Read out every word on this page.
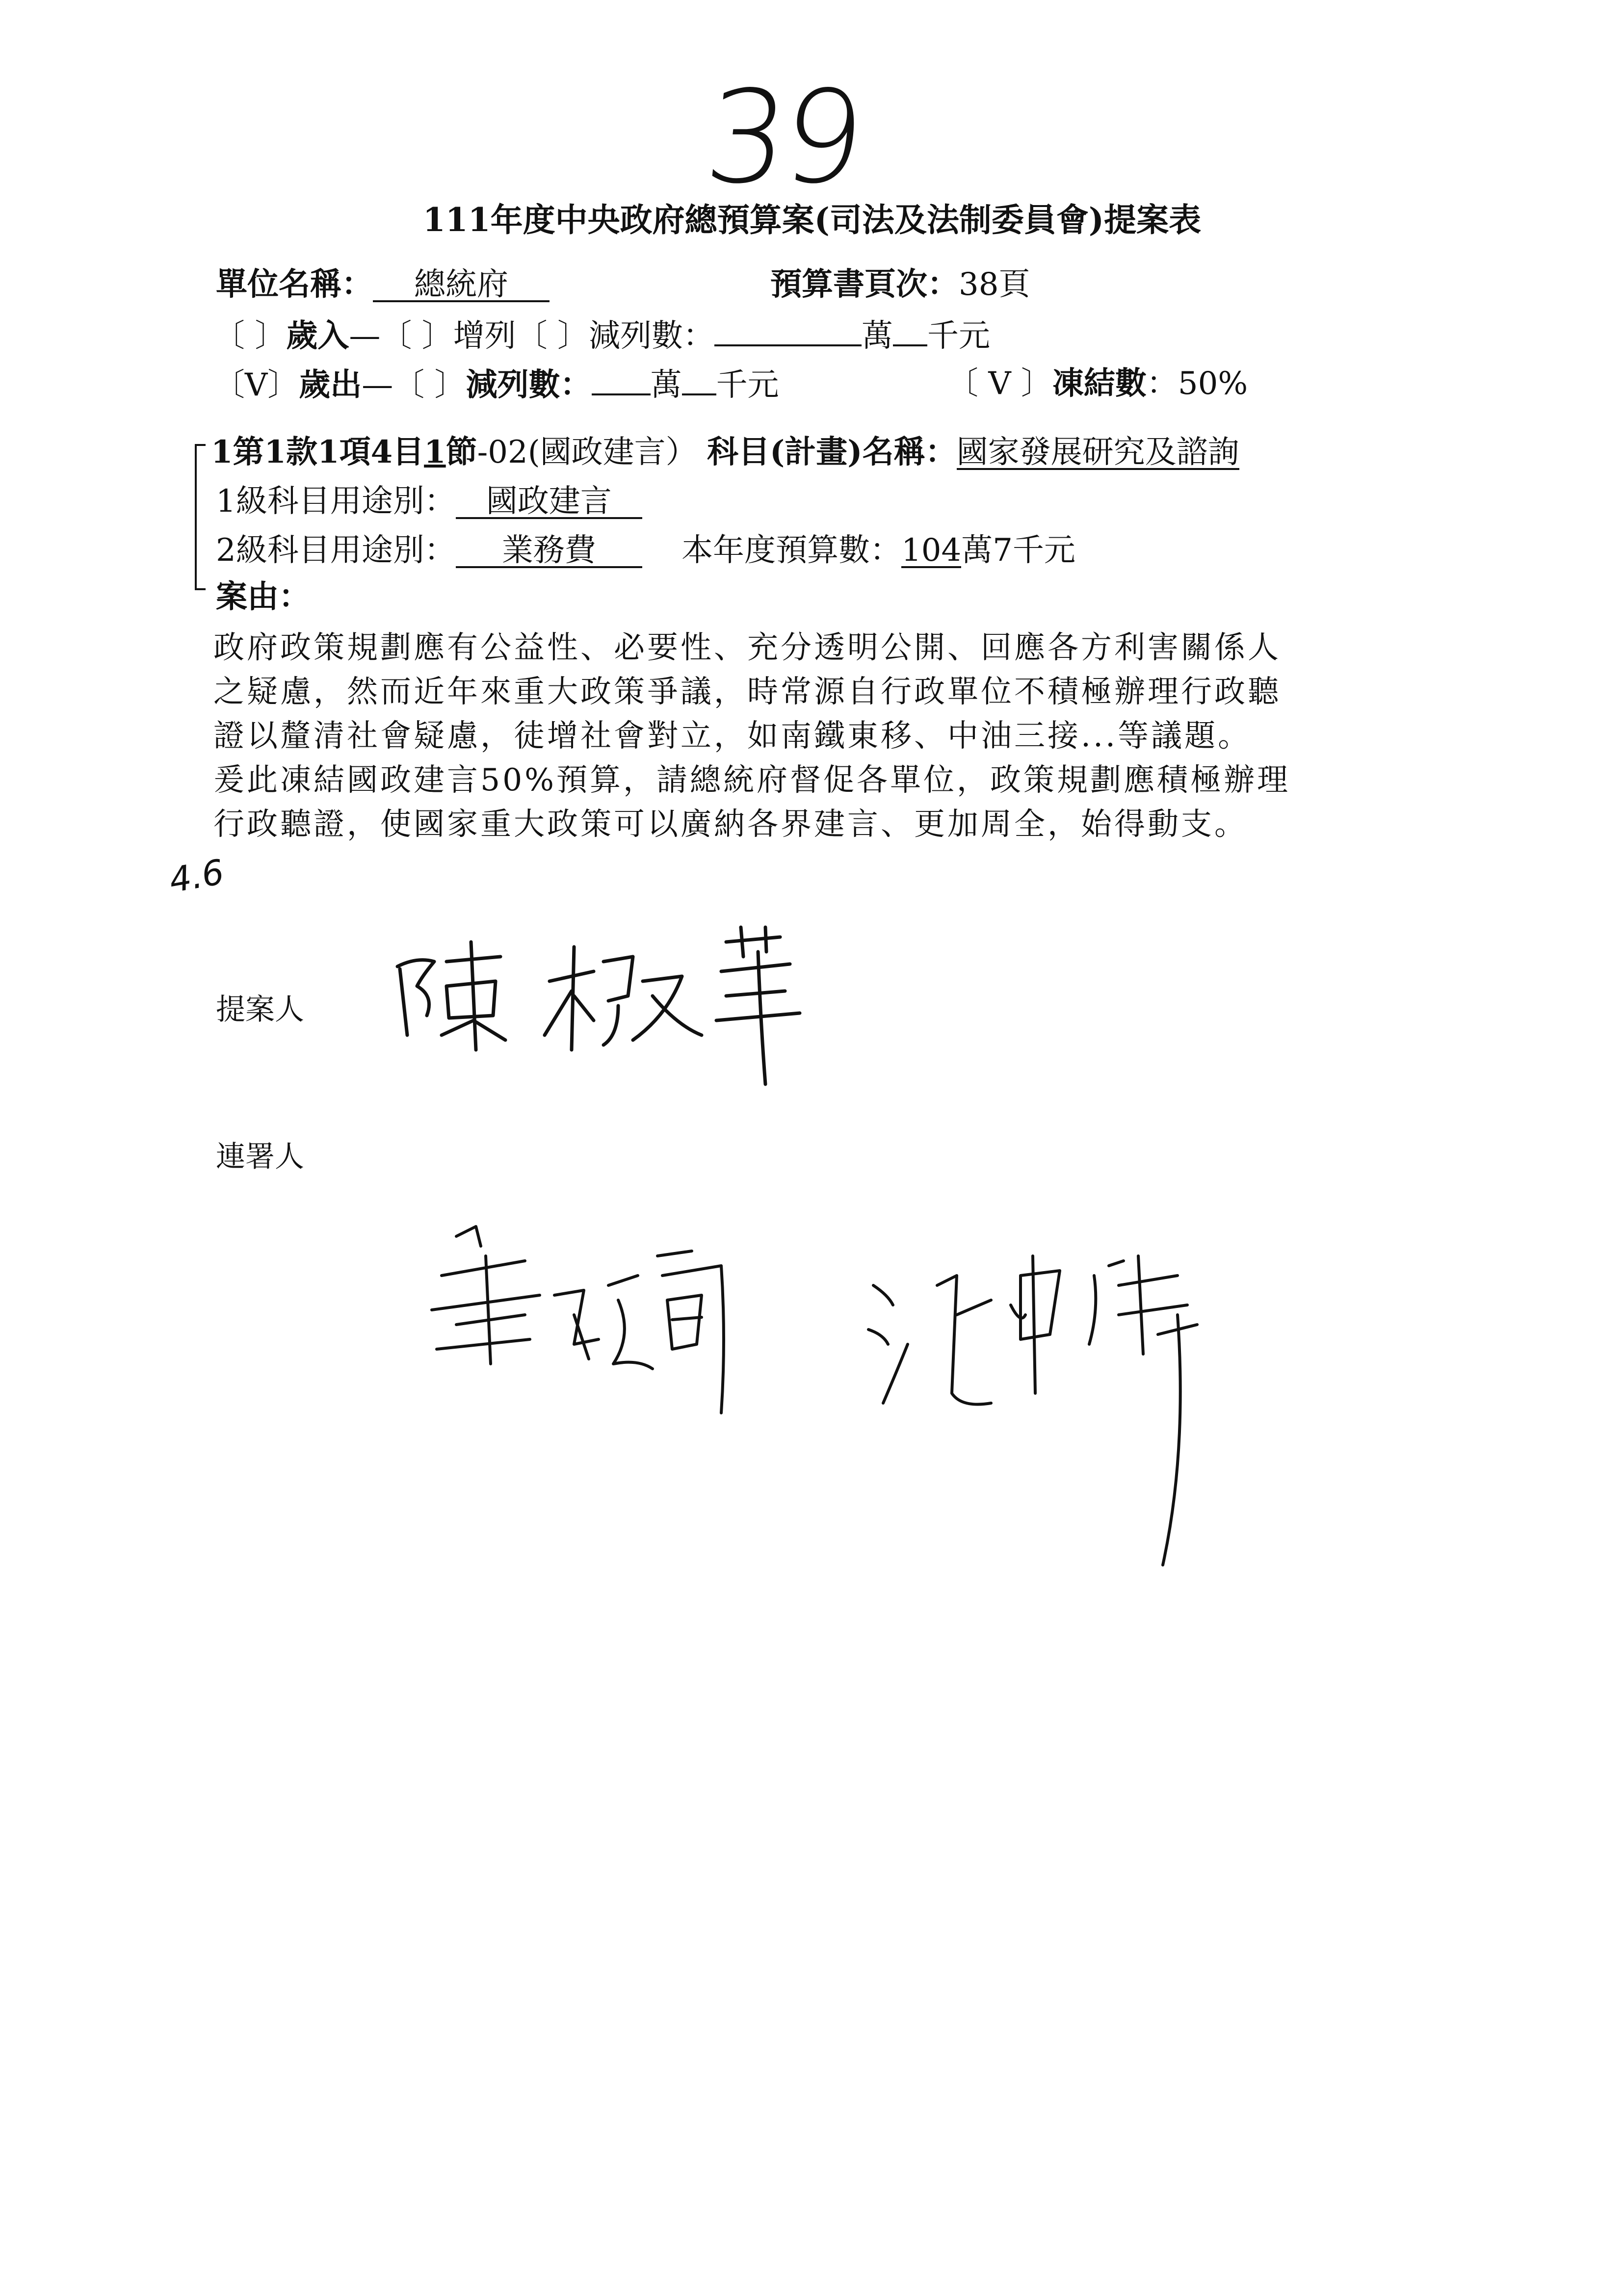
39
111年度中央政府總預算案(司法及法制委員會)提案表
單位名稱： 總統府	預算書頁次：38頁
〔 〕歲入—〔 〕增列〔 〕減列數：	萬 千元
〔V〕歲出—〔 〕減列數： 萬 千元	〔 V 〕凍結數：50%
1第1款1項4目1節-02(國政建言） 科目(計畫)名稱：國家發展研究及諮詢
1級科目用途別： 國政建言
2級科目用途別： 業務費	本年度預算數：104萬7千元
案由：
政府政策規劃應有公益性、必要性、充分透明公開、回應各方利害關係人
之疑慮，然而近年來重大政策爭議，時常源自行政單位不積極辦理行政聽
證以釐清社會疑慮，徒增社會對立，如南鐵東移、中油三接...等議題。
爰此凍結國政建言50%預算，請總統府督促各單位，政策規劃應積極辦理
行政聽證，使國家重大政策可以廣納各界建言、更加周全，始得動支。
4.6
提案人
連署人
